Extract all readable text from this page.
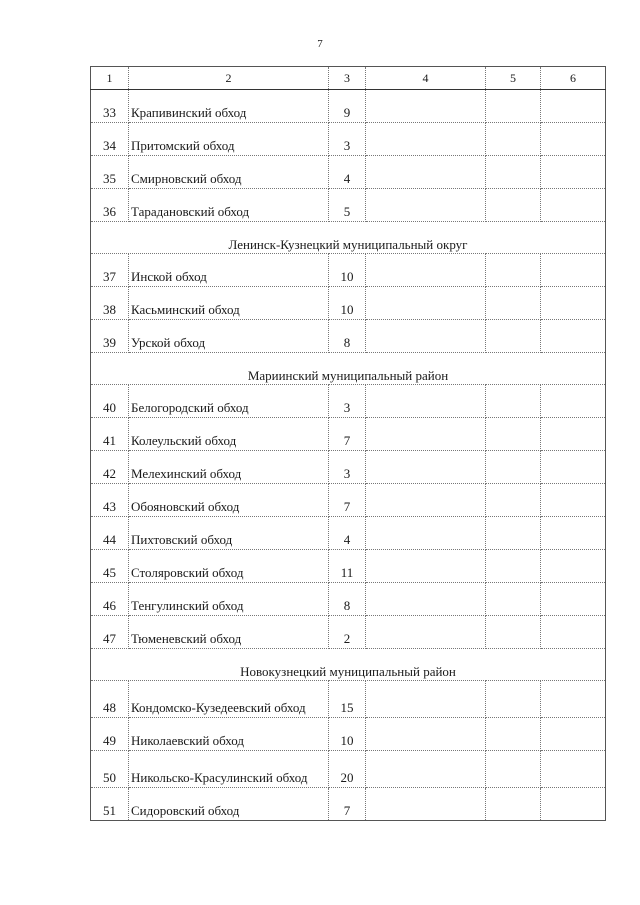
7
1	2	3	4	5	6
33	Крапивинский обход	9			
34	Притомский обход	3			
35	Смирновский обход	4			
36	Тарадановский обход	5			
Ленинск-Кузнецкий муниципальный округ					
37	Инской обход	10			
38	Касьминский обход	10			
39	Урской обход	8			
Мариинский муниципальный район					
40	Белогородский обход	3			
41	Колеульский обход	7			
42	Мелехинский обход	3			
43	Обояновский обход	7			
44	Пихтовский обход	4			
45	Столяровский обход	11			
46	Тенгулинский обход	8			
47	Тюменевский обход	2			
Новокузнецкий муниципальный район					
48	Кондомско-Кузедеевский обход	15			
49	Николаевский обход	10			
50	Никольско-Красулинский обход	20			
51	Сидоровский обход	7			
